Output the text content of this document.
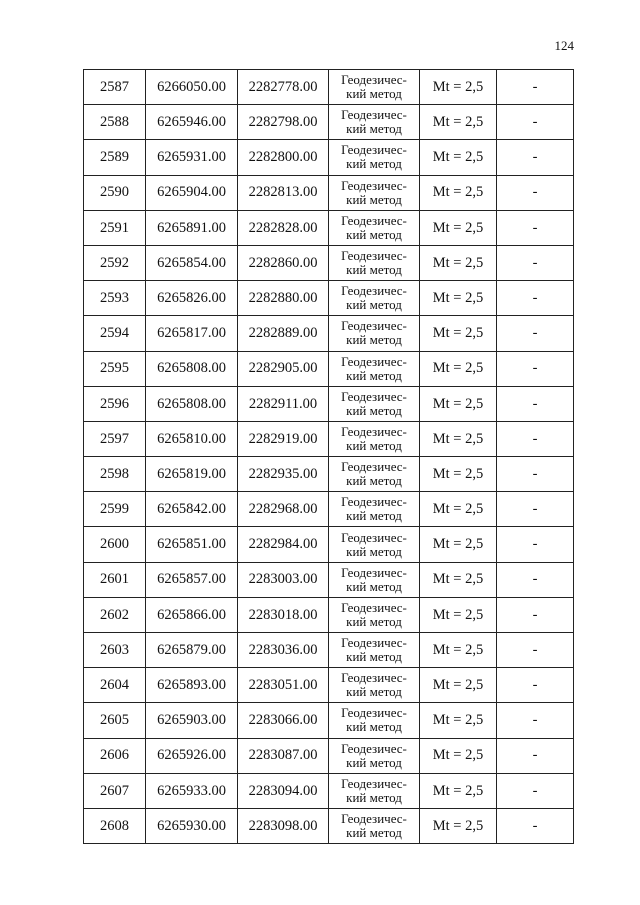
124
2587	6266050.00	2282778.00	Геодезичес-
кий метод	Mt = 2,5	-
2588	6265946.00	2282798.00	Геодезичес-
кий метод	Mt = 2,5	-
2589	6265931.00	2282800.00	Геодезичес-
кий метод	Mt = 2,5	-
2590	6265904.00	2282813.00	Геодезичес-
кий метод	Mt = 2,5	-
2591	6265891.00	2282828.00	Геодезичес-
кий метод	Mt = 2,5	-
2592	6265854.00	2282860.00	Геодезичес-
кий метод	Mt = 2,5	-
2593	6265826.00	2282880.00	Геодезичес-
кий метод	Mt = 2,5	-
2594	6265817.00	2282889.00	Геодезичес-
кий метод	Mt = 2,5	-
2595	6265808.00	2282905.00	Геодезичес-
кий метод	Mt = 2,5	-
2596	6265808.00	2282911.00	Геодезичес-
кий метод	Mt = 2,5	-
2597	6265810.00	2282919.00	Геодезичес-
кий метод	Mt = 2,5	-
2598	6265819.00	2282935.00	Геодезичес-
кий метод	Mt = 2,5	-
2599	6265842.00	2282968.00	Геодезичес-
кий метод	Mt = 2,5	-
2600	6265851.00	2282984.00	Геодезичес-
кий метод	Mt = 2,5	-
2601	6265857.00	2283003.00	Геодезичес-
кий метод	Mt = 2,5	-
2602	6265866.00	2283018.00	Геодезичес-
кий метод	Mt = 2,5	-
2603	6265879.00	2283036.00	Геодезичес-
кий метод	Mt = 2,5	-
2604	6265893.00	2283051.00	Геодезичес-
кий метод	Mt = 2,5	-
2605	6265903.00	2283066.00	Геодезичес-
кий метод	Mt = 2,5	-
2606	6265926.00	2283087.00	Геодезичес-
кий метод	Mt = 2,5	-
2607	6265933.00	2283094.00	Геодезичес-
кий метод	Mt = 2,5	-
2608	6265930.00	2283098.00	Геодезичес-
кий метод	Mt = 2,5	-
